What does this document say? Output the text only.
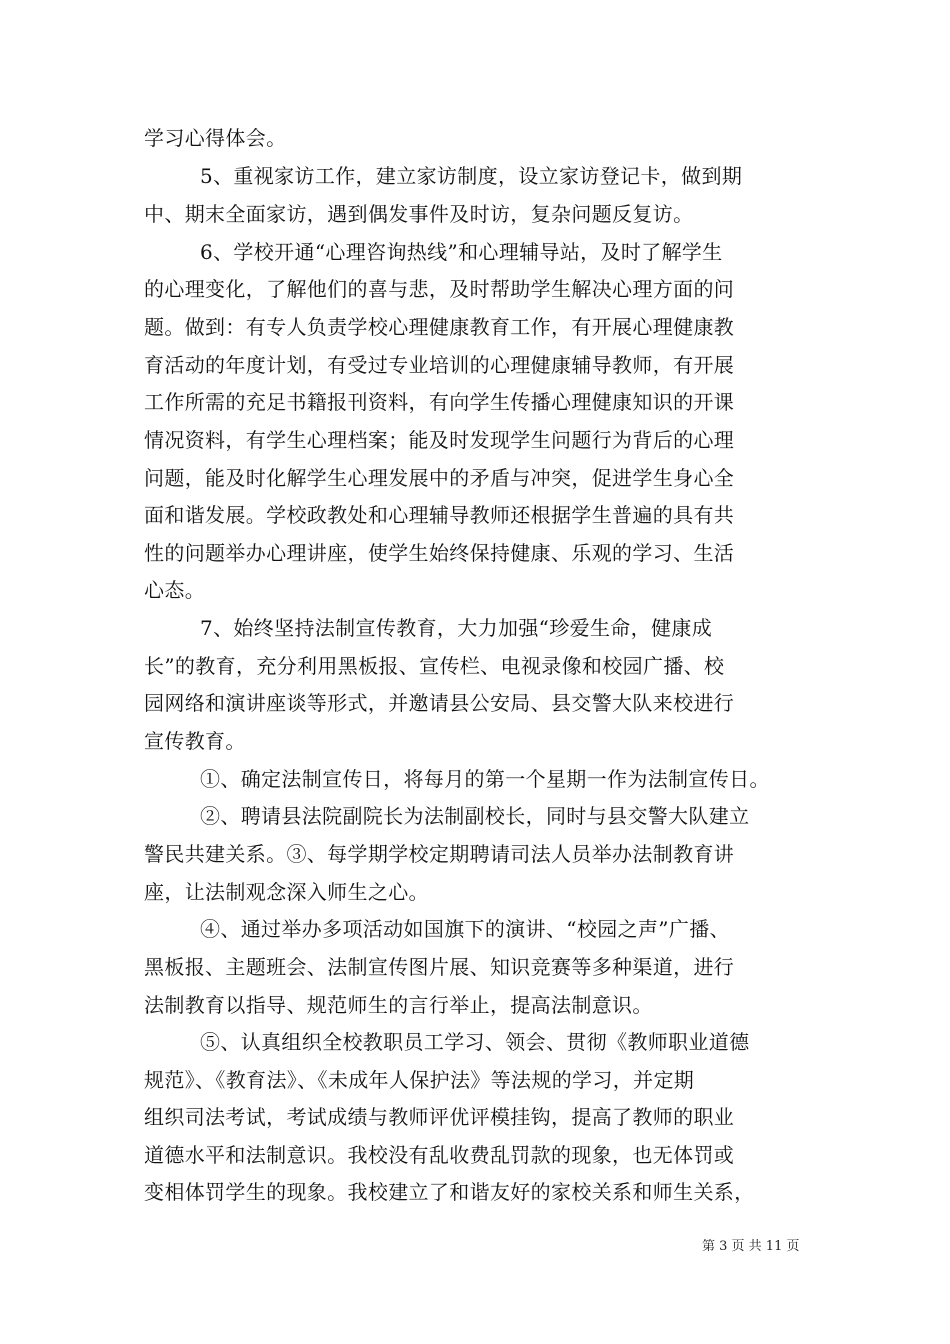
学习心得体会。
5、重视家访工作，建立家访制度，设立家访登记卡，做到期
中、期末全面家访，遇到偶发事件及时访，复杂问题反复访。
6、学校开通“心理咨询热线”和心理辅导站，及时了解学生
的心理变化，了解他们的喜与悲，及时帮助学生解决心理方面的问
题。做到：有专人负责学校心理健康教育工作，有开展心理健康教
育活动的年度计划，有受过专业培训的心理健康辅导教师，有开展
工作所需的充足书籍报刊资料，有向学生传播心理健康知识的开课
情况资料，有学生心理档案；能及时发现学生问题行为背后的心理
问题，能及时化解学生心理发展中的矛盾与冲突，促进学生身心全
面和谐发展。学校政教处和心理辅导教师还根据学生普遍的具有共
性的问题举办心理讲座，使学生始终保持健康、乐观的学习、生活
心态。
7、始终坚持法制宣传教育，大力加强“珍爱生命，健康成
长”的教育，充分利用黑板报、宣传栏、电视录像和校园广播、校
园网络和演讲座谈等形式，并邀请县公安局、县交警大队来校进行
宣传教育。
①、确定法制宣传日，将每月的第一个星期一作为法制宣传日。
②、聘请县法院副院长为法制副校长，同时与县交警大队建立
警民共建关系。③、每学期学校定期聘请司法人员举办法制教育讲
座，让法制观念深入师生之心。
④、通过举办多项活动如国旗下的演讲、“校园之声”广播、
黑板报、主题班会、法制宣传图片展、知识竞赛等多种渠道，进行
法制教育以指导、规范师生的言行举止，提高法制意识。
⑤、认真组织全校教职员工学习、领会、贯彻《教师职业道德
规范》、《教育法》、《未成年人保护法》等法规的学习，并定期
组织司法考试，考试成绩与教师评优评模挂钩，提高了教师的职业
道德水平和法制意识。我校没有乱收费乱罚款的现象，也无体罚或
变相体罚学生的现象。我校建立了和谐友好的家校关系和师生关系，
第 3 页 共 11 页
